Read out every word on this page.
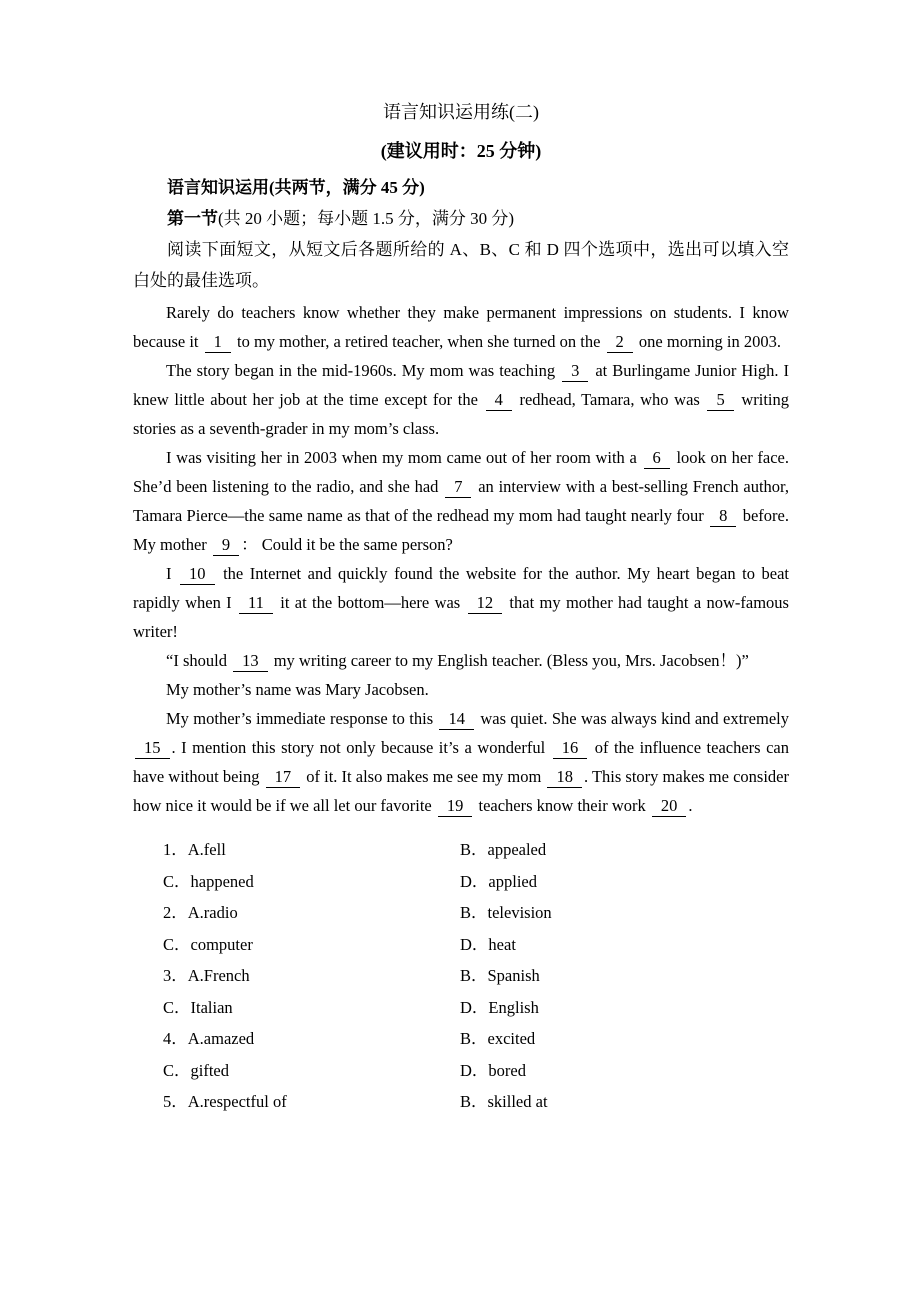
语言知识运用练(二)
(建议用时：25 分钟)
语言知识运用(共两节，满分 45 分)
第一节(共 20 小题；每小题 1.5 分，满分 30 分)
阅读下面短文，从短文后各题所给的 A、B、C 和 D 四个选项中，选出可以填入空白处的最佳选项。

Rarely do teachers know whether they make permanent impressions on students. I know because it 1 to my mother, a retired teacher, when she turned on the 2 one morning in 2003.

The story began in the mid‐1960s. My mom was teaching 3 at Burlingame Junior High. I knew little about her job at the time except for the 4 redhead, Tamara, who was 5 writing stories as a seventh-grader in my mom’s class.

I was visiting her in 2003 when my mom came out of her room with a 6 look on her face. She’d been listening to the radio, and she had 7 an interview with a best-selling French author, Tamara Pierce—the same name as that of the redhead my mom had taught nearly four 8 before. My mother 9 ： Could it be the same person?

I 10 the Internet and quickly found the website for the author. My heart began to beat rapidly when I 11 it at the bottom—here was 12 that my mother had taught a now-famous writer!

“I should 13 my writing career to my English teacher. (Bless you, Mrs. Jacobsen！)”

My mother’s name was Mary Jacobsen.

My mother’s immediate response to this 14 was quiet. She was always kind and extremely 15 . I mention this story not only because it’s a wonderful 16 of the influence teachers can have without being 17 of it. It also makes me see my mom 18 . This story makes me consider how nice it would be if we all let our favorite 19 teachers know their work 20 .

1．A.fell	B．appealed
C．happened	D．applied
2．A.radio	B．television
C．computer	D．heat
3．A.French	B．Spanish
C．Italian	D．English
4．A.amazed	B．excited
C．gifted	D．bored
5．A.respectful of	B．skilled at
